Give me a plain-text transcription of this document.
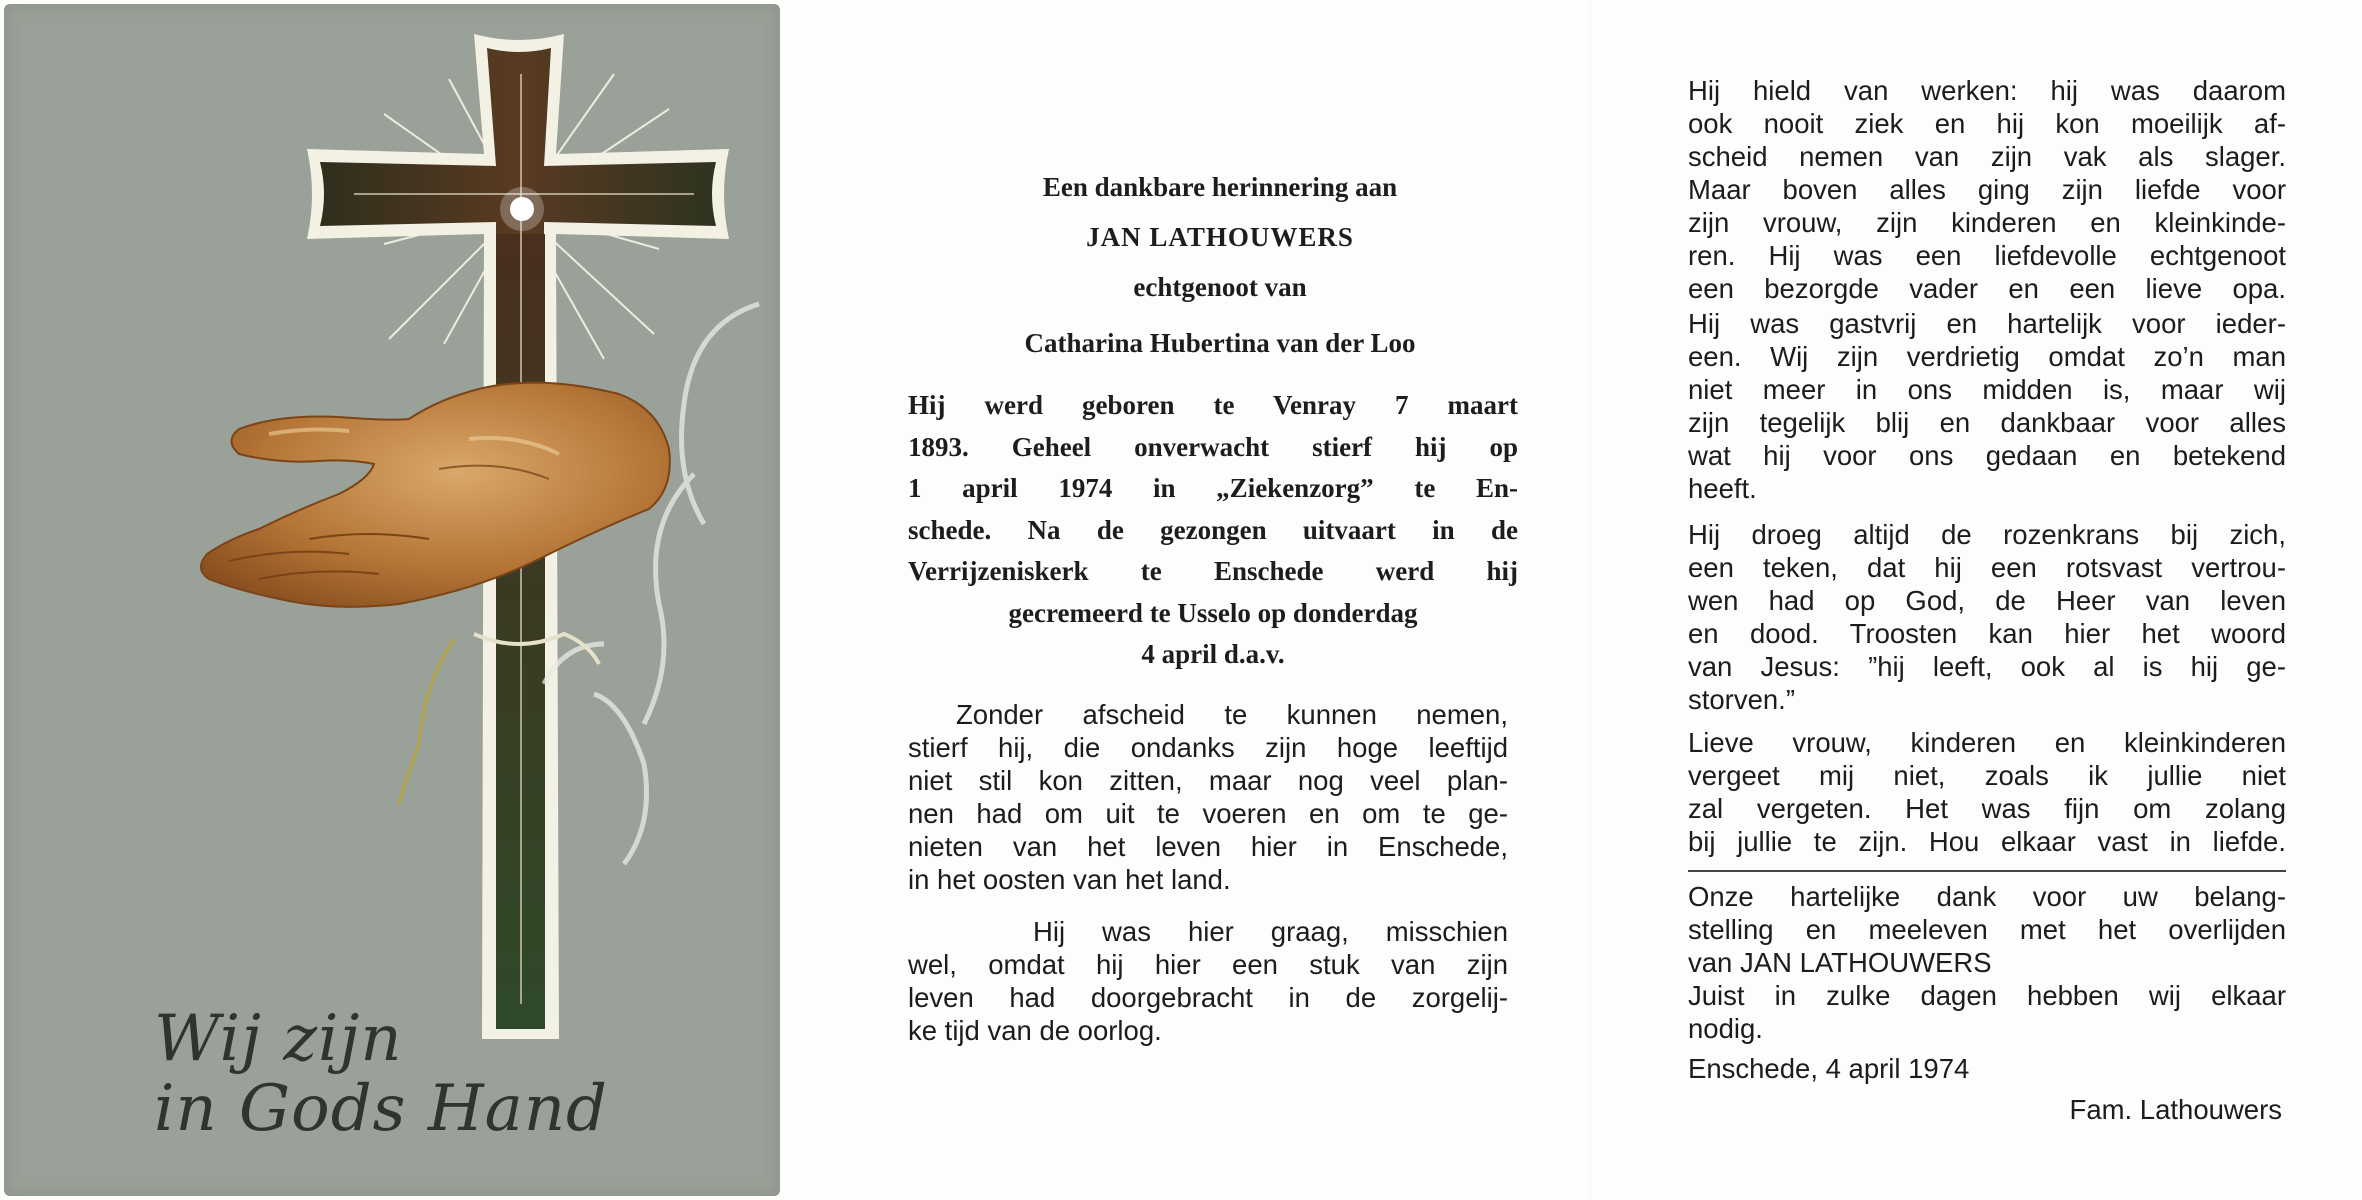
Wij zijn
in Gods Hand
Een dankbare herinnering aan
JAN LATHOUWERS
echtgenoot van
Catharina Hubertina van der Loo
Hij werd geboren te Venray 7 maart
1893. Geheel onverwacht stierf hij op
1 april 1974 in „Ziekenzorg” te En-
schede. Na de gezongen uitvaart in de
Verrijzeniskerk te Enschede werd hij
gecremeerd te Usselo op donderdag
4 april d.a.v.
Zonder afscheid te kunnen nemen,
stierf hij, die ondanks zijn hoge leeftijd
niet stil kon zitten, maar nog veel plan-
nen had om uit te voeren en om te ge-
nieten van het leven hier in Enschede,
in het oosten van het land.
Hij was hier graag, misschien
wel, omdat hij hier een stuk van zijn
leven had doorgebracht in de zorgelij-
ke tijd van de oorlog.
Hij hield van werken: hij was daarom
ook nooit ziek en hij kon moeilijk af-
scheid nemen van zijn vak als slager.
Maar boven alles ging zijn liefde voor
zijn vrouw, zijn kinderen en kleinkinde-
ren. Hij was een liefdevolle echtgenoot
een bezorgde vader en een lieve opa.
Hij was gastvrij en hartelijk voor ieder-
een. Wij zijn verdrietig omdat zo’n man
niet meer in ons midden is, maar wij
zijn tegelijk blij en dankbaar voor alles
wat hij voor ons gedaan en betekend
heeft.
Hij droeg altijd de rozenkrans bij zich,
een teken, dat hij een rotsvast vertrou-
wen had op God, de Heer van leven
en dood. Troosten kan hier het woord
van Jesus: ”hij leeft, ook al is hij ge-
storven.”
Lieve vrouw, kinderen en kleinkinderen
vergeet mij niet, zoals ik jullie niet
zal vergeten. Het was fijn om zolang
bij jullie te zijn. Hou elkaar vast in liefde.
Onze hartelijke dank voor uw belang-
stelling en meeleven met het overlijden
van JAN LATHOUWERS
Juist in zulke dagen hebben wij elkaar
nodig.
Enschede, 4 april 1974
Fam. Lathouwers
